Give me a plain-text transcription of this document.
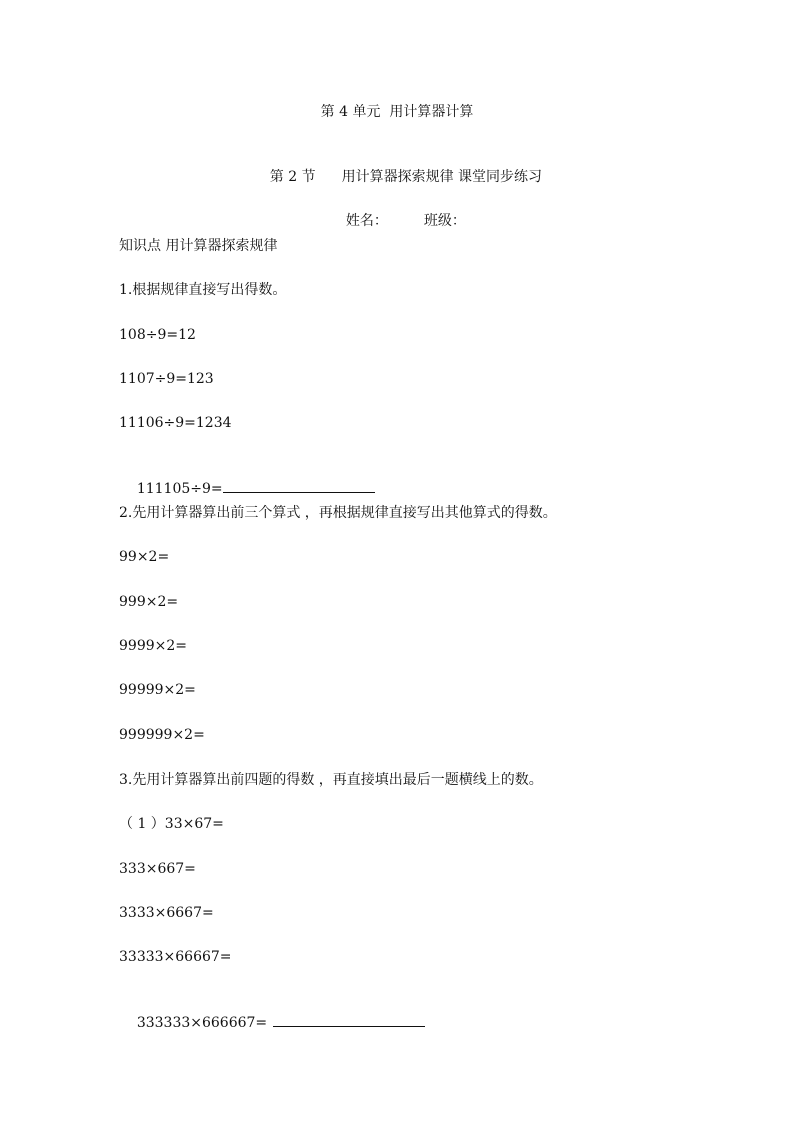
第 4 单元  用计算器计算

第 2 节 用计算器探索规律 课堂同步练习

姓名：	班级：

知识点 用计算器探索规律
1.根据规律直接写出得数。
108÷9=12
1107÷9=123
11106÷9=1234

111105÷9=

2.先用计算器算出前三个算式 ，再根据规律直接写出其他算式的得数。
99×2=
999×2=
9999×2=
99999×2=
999999×2=
3.先用计算器算出前四题的得数 ，再直接填出最后一题横线上的数。
（ 1 ）33×67=
333×667=
3333×6667=
33333×66667=

333333×666667=
